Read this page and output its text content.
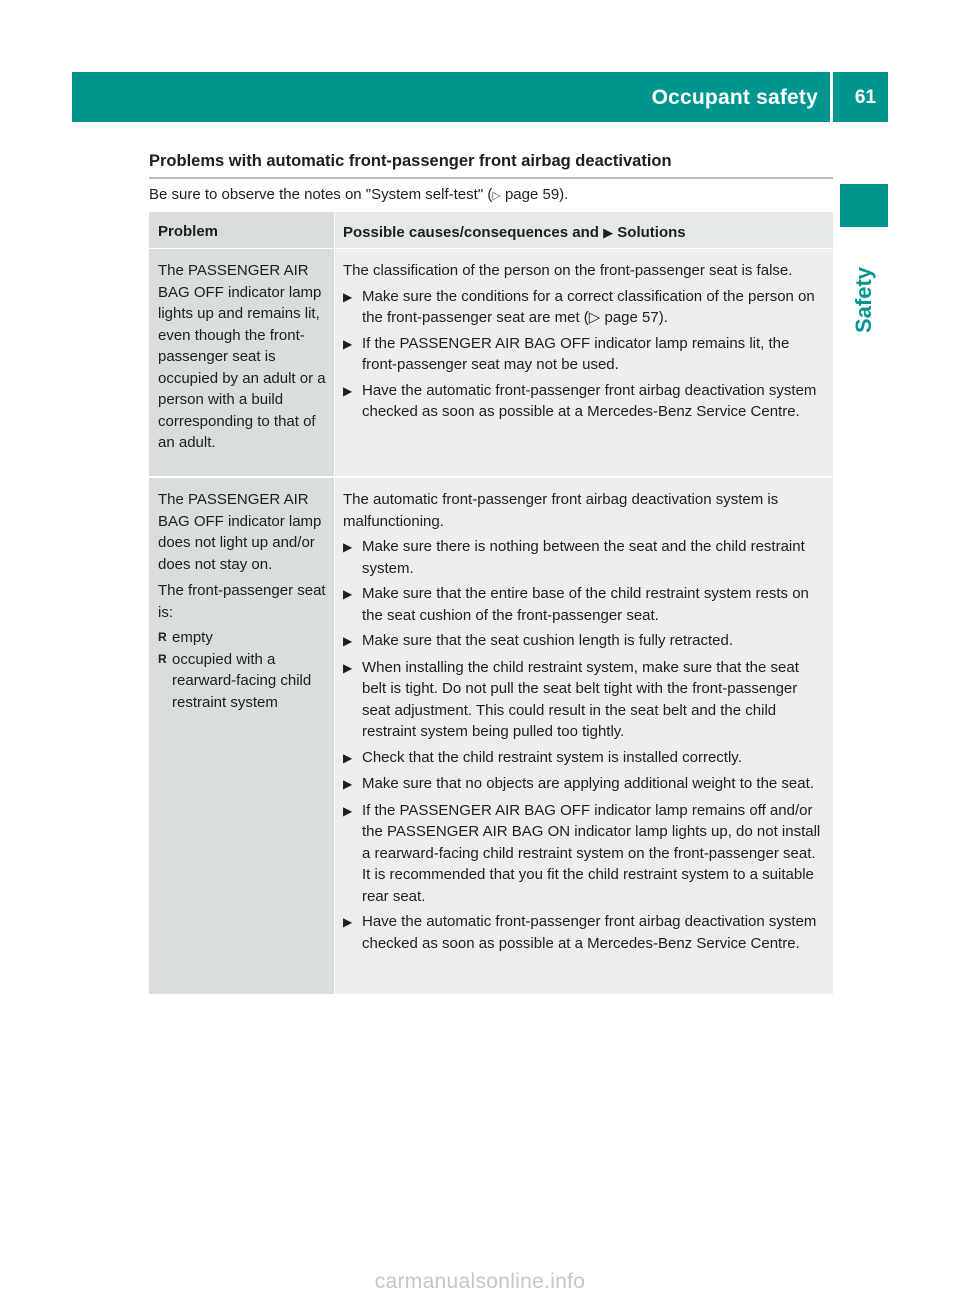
Occupant safety 61
Safety
Problems with automatic front-passenger front airbag deactivation
Be sure to observe the notes on "System self-test" (▷ page 59).
Problem	Possible causes/consequences and ▶ Solutions

The PASSENGER AIR BAG OFF indicator lamp lights up and remains lit, even though the front-passenger seat is occupied by an adult or a person with a build corresponding to that of an adult.

The classification of the person on the front-passenger seat is false.

▶ Make sure the conditions for a correct classification of the person on the front-passenger seat are met (▷ page 57).
▶ If the PASSENGER AIR BAG OFF indicator lamp remains lit, the front-passenger seat may not be used.
▶ Have the automatic front-passenger front airbag deactivation system checked as soon as possible at a Mercedes-Benz Service Centre.

The PASSENGER AIR BAG OFF indicator lamp does not light up and/or does not stay on.

The front-passenger seat is:

R empty
R occupied with a rearward-facing child restraint system

The automatic front-passenger front airbag deactivation system is malfunctioning.

▶ Make sure there is nothing between the seat and the child restraint system.
▶ Make sure that the entire base of the child restraint system rests on the seat cushion of the front-passenger seat.
▶ Make sure that the seat cushion length is fully retracted.
▶ When installing the child restraint system, make sure that the seat belt is tight. Do not pull the seat belt tight with the front-passenger seat adjustment. This could result in the seat belt and the child restraint system being pulled too tightly.
▶ Check that the child restraint system is installed correctly.
▶ Make sure that no objects are applying additional weight to the seat.
▶ If the PASSENGER AIR BAG OFF indicator lamp remains off and/or the PASSENGER AIR BAG ON indicator lamp lights up, do not install a rearward-facing child restraint system on the front-passenger seat. It is recommended that you fit the child restraint system to a suitable rear seat.
▶ Have the automatic front-passenger front airbag deactivation system checked as soon as possible at a Mercedes-Benz Service Centre.
carmanualsonline.info
